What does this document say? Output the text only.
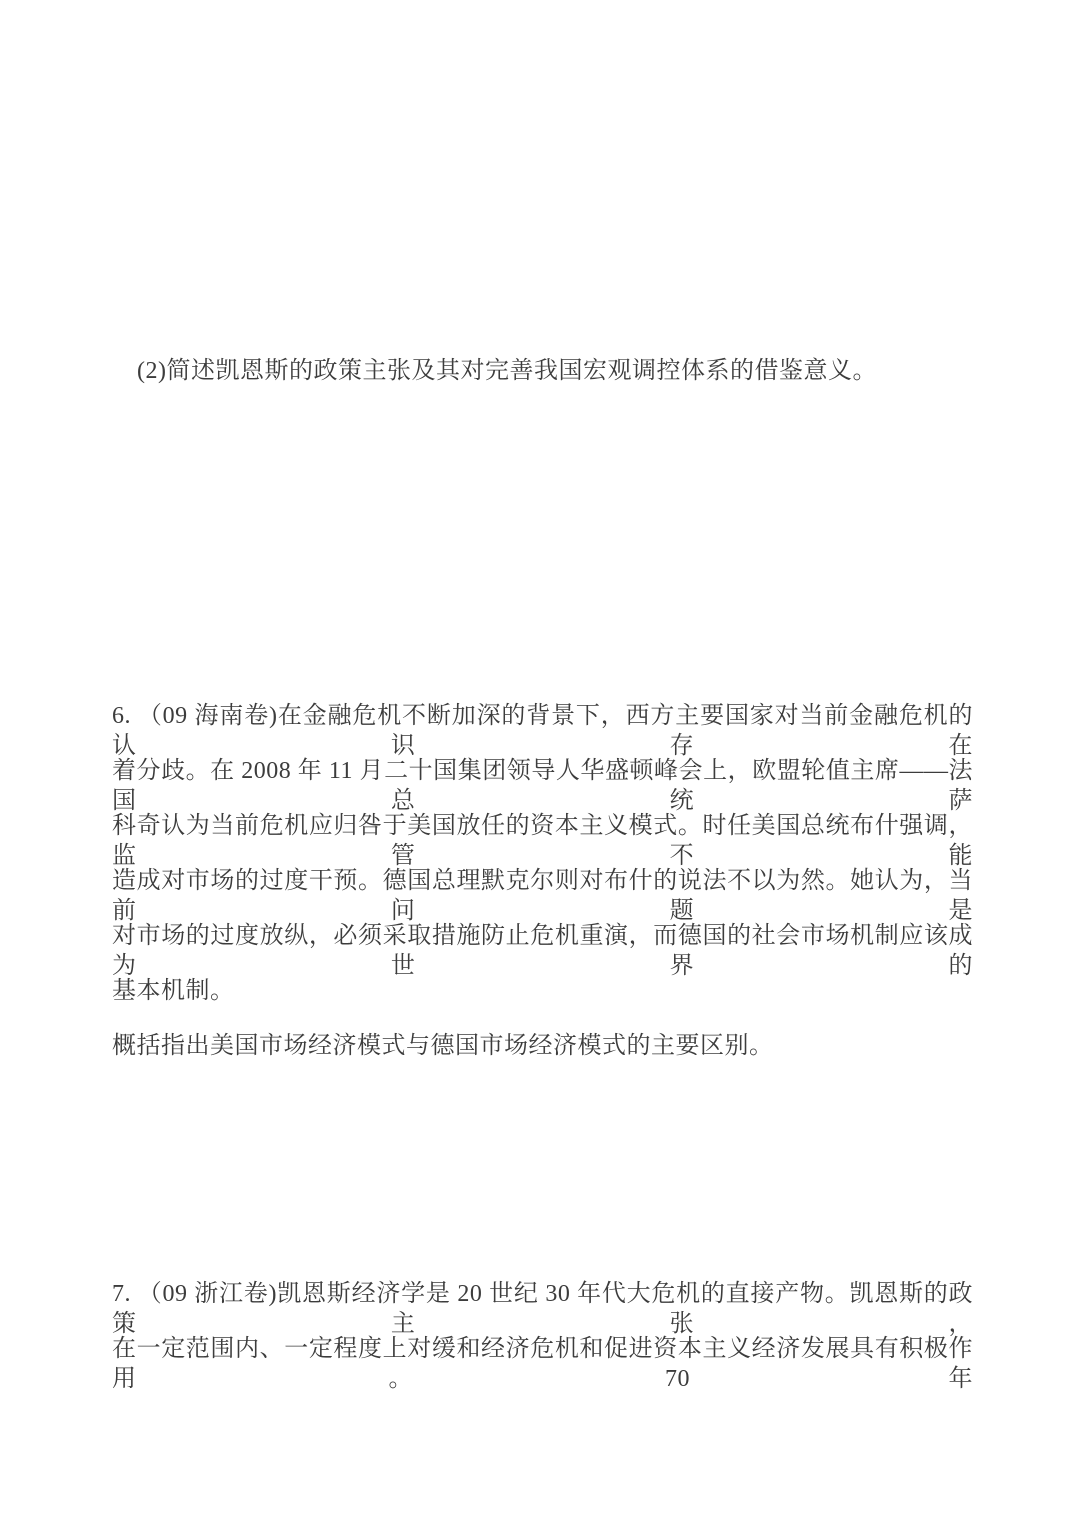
(2)简述凯恩斯的政策主张及其对完善我国宏观调控体系的借鉴意义。
6. （09 海南卷)在金融危机不断加深的背景下，西方主要国家对当前金融危机的认识存在
着分歧。在 2008 年 11 月二十国集团领导人华盛顿峰会上，欧盟轮值主席——法国总统萨
科奇认为当前危机应归咎于美国放任的资本主义模式。时任美国总统布什强调，监管不能
造成对市场的过度干预。德国总理默克尔则对布什的说法不以为然。她认为，当前问题是
对市场的过度放纵，必须采取措施防止危机重演，而德国的社会市场机制应该成为世界的
基本机制。
概括指出美国市场经济模式与德国市场经济模式的主要区别。
7. （09 浙江卷)凯恩斯经济学是 20 世纪 30 年代大危机的直接产物。凯恩斯的政策主张，
在一定范围内、一定程度上对缓和经济危机和促进资本主义经济发展具有积极作用。70 年
